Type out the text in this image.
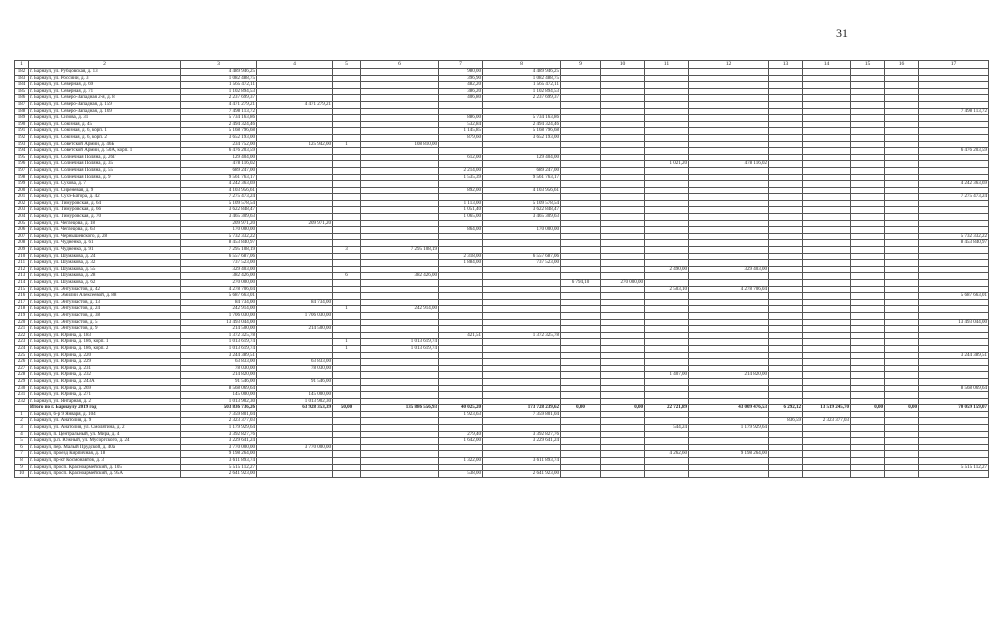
31
1	2	3	4	5	6	7	8	9	10	11	12	13	14	15	16	17
182	г. Барнаул, ул. Рубцовская, д. 13	4 489 946,25				980,00	4 489 946,25									
183	г. Барнаул, ул. Россиии, д. 3	1 082 488,75				396,90	1 082 488,75									
184	г. Барнаул, ул. Северная, д. 69	1 565 472,11				482,20	1 565 472,11									
185	г. Барнаул, ул. Северная, д. 71	1 102 894,53				386,20	1 102 894,53									
186	г. Барнаул, ул. Северо-Западная 2-я, д. 8	2 237 699,37				406,80	2 237 699,37									
187	г. Барнаул, ул. Северо-Западная, д. 159	4 471 279,21	4 471 279,21													
188	г. Барнаул, ул. Северо-Западная, д. 169	7 498 113,72														7 498 113,72
189	г. Барнаул, ул. Сизова, д. 31	5 734 163,86				886,00	5 734 163,86									
190	г. Барнаул, ул. Союзная, д. 45	2 494 324,46				532,84	2 494 324,46									
191	г. Барнаул, ул. Союзная, д. 6, корп. 1	5 168 796,68				1 145,85	5 168 796,68									
192	г. Барнаул, ул. Союзная, д. 6, корп. 2	3 652 193,00				879,60	3 652 193,00									
193	г. Барнаул, ул. Советской Армии, д. 46Б	234 752,00	125 942,00	1	108 810,00											
194	г. Барнаул, ул. Советской Армии, д. 50А, корп. 1	6 476 203,59														6 476 203,59
195	г. Барнаул, ул. Солнечная Поляна, д. 26Г	129 404,00				612,00	129 404,00									
196	г. Барнаул, ул. Солнечная Поляна, д. 35	478 116,02								1 021,20	478 116,02					
197	г. Барнаул, ул. Солнечная Поляна, д. 55	689 247,00				2 214,00	689 247,00									
198	г. Барнаул, ул. Солнечная Поляна, д. 9	9 561 763,17				1 535,39	9 561 763,17									
199	г. Барнаул, ул. Сухова, д. 7	4 242 363,69														4 242 363,69
200	г. Барнаул, ул. Сиреневая, д. 9	4 103 956,61				892,00	4 103 956,61									
201	г. Барнаул, ул. Сухэ-Батора, д. 42	7 275 473,24														7 275 473,24
202	г. Барнаул, ул. Тимуровская, д. 64	5 109 578,54				1 113,00	5 109 578,54									
203	г. Барнаул, ул. Тимуровская, д. 66	3 622 848,47				1 051,40	3 622 848,47									
204	г. Барнаул, ул. Тимуровская, д. 70	3 465 309,63				1 065,00	3 465 309,63									
205	г. Барнаул, ул. Чеглецова, д. 18	209 971,20	209 971,20													
206	г. Барнаул, ул. Чеглецова, д. 63	170 000,00				864,00	170 000,00									
207	г. Барнаул, ул. Чернышевского, д. 28	5 732 332,22														5 732 332,22
208	г. Барнаул, ул. Чудненко, д. 61	8 453 840,97														8 453 840,97
209	г. Барнаул, ул. Чудненко, д. 91	7 295 108,19		3	7 295 108,19											
210	г. Барнаул, ул. Шумакова, д. 24	6 557 687,06				2 318,00	6 557 687,06									
211	г. Барнаул, ул. Шумакова, д. 32	737 523,00				1 884,00	737 523,00									
212	г. Барнаул, ул. Шумакова, д. 55	329 403,00								2 490,00	329 403,00					
213	г. Барнаул, ул. Шумакова, д. 28	382 426,00		6	382 426,00											
214	г. Барнаул, ул. Шумакова, д. 62	270 000,00						6 794,10	270 000,00							
215	г. Барнаул, ул. Энтузиастов, д. 42	4 278 706,04								2 503,10	4 278 706,04					
216	г. Барнаул, ул. Эмилии Алексеевой, д. 88	5 687 663,01														5 687 663,01
217	г. Барнаул, ул. Энтузиастов, д. 13	84 734,00	84 734,00													
218	г. Барнаул, ул. Энтузиастов, д. 24	242 914,00		1	242 914,00											
219	г. Барнаул, ул. Энтузиастов, д. 38	1 706 030,00	1 706 030,00													
220	г. Барнаул, ул. Энтузиастов, д. 5	13 493 044,00														13 493 044,00
221	г. Барнаул, ул. Энтузиастов, д. 9	214 500,00	214 500,00													
222	г. Барнаул, ул. Юрина, д. 183	1 372 325,78				421,51	1 372 325,78									
223	г. Барнаул, ул. Юрина, д. 186, корп. 1	1 013 619,74		1	1 013 619,74											
224	г. Барнаул, ул. Юрина, д. 186, корп. 2	1 013 619,74		1	1 013 619,74											
225	г. Барнаул, ул. Юрина, д. 220	3 244 389,51														3 244 389,51
226	г. Барнаул, ул. Юрина, д. 229	63 833,00	63 833,00													
227	г. Барнаул, ул. Юрина, д. 231	78 030,00	78 030,00													
228	г. Барнаул, ул. Юрина, д. 232	214 820,00								1 407,00	214 820,00					
229	г. Барнаул, ул. Юрина, д. 243А	91 546,00	91 546,00													
230	г. Барнаул, ул. Юрина, д. 269	8 568 069,64														8 568 069,64
231	г. Барнаул, ул. Юрина, д. 271	145 000,00	145 000,00													
232	г. Барнаул, ул. Янтарная, д. 2	1 013 902,30	1 013 902,30													
	Итого по г. Барнаулу 2019 год	503 836 736,26	63 928 353,39	50,00	135 886 556,93	40 025,20	173 728 239,62	0,00	0,00	22 721,89	43 009 476,53	6 292,12	13 519 245,70	0,00	0,00	70 059 159,07
1	г. Барнаул, б-р 9 Января, д. 104	7 359 801,04				1 923,63	7 359 801,04									
2	г. Барнаул, ул. Анатолия, д. 9	2 323 377,03										836,59	2 323 377,03			
3	г. Барнаул, ул. Анатолия, ул. Смолятина, д. 2	1 179 929,64								544,24	1 179 929,64					
4	г. Барнаул, п. Центральный, ул. Мира, д. 4	3 392 827,76				279,40	3 392 827,76									
5	г. Барнаул, р.п. Южный, ул. Мусоргского, д. 24	3 229 641,24				1 642,00	3 229 641,24									
6	г. Барнаул, пер. Малый Прудской, д. 40а	3 770 000,00	3 770 000,00													
7	г. Барнаул, проезд Кирпичная, д. 18	9 198 264,00								4 262,60	9 198 264,00					
8	г. Барнаул, пр-кт Космонавтов, д. 3	3 611 893,74				1 322,00	3 611 893,74									
9	г. Барнаул, просп. Красноармейский, д. 105	5 515 112,27														5 515 112,27
10	г. Барнаул, просп. Красноармейский, д. 95А	2 641 923,00				538,00	2 641 923,00									
